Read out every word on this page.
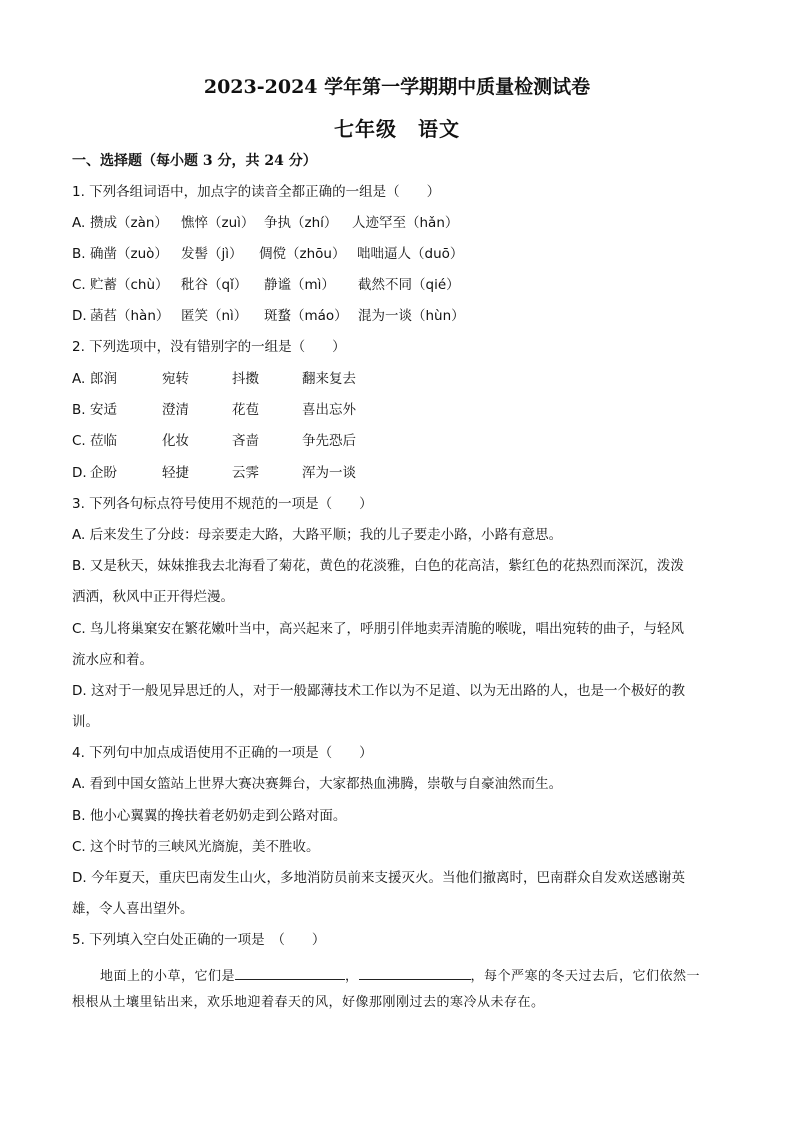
2023-2024 学年第一学期期中质量检测试卷
七年级　语文
一、选择题（每小题 3 分，共 24 分）
1. 下列各组词语中，加点字的读音全都正确的一组是（　　）
A. 攒成（zàn） 憔悴（zuì） 争执（zhí） 人迹罕至（hǎn）
B. 确凿（zuò） 发髻（jì） 倜傥（zhōu） 咄咄逼人（duō）
C. 贮蓄（chù） 秕谷（qǐ） 静谧（mì） 截然不同（qié）
D. 菡萏（hàn） 匿笑（nì） 斑蝥（máo） 混为一谈（hùn）
2. 下列选项中，没有错别字的一组是（　　）
A. 郎润	宛转	抖擞	翻来复去
B. 安适	澄清	花苞	喜出忘外
C. 莅临	化妆	吝啬	争先恐后
D. 企盼	轻捷	云霁	浑为一谈
3. 下列各句标点符号使用不规范的一项是（　　）
A. 后来发生了分歧：母亲要走大路，大路平顺；我的儿子要走小路，小路有意思。
B. 又是秋天，妹妹推我去北海看了菊花，黄色的花淡雅，白色的花高洁，紫红色的花热烈而深沉，泼泼
洒洒，秋风中正开得烂漫。
C. 鸟儿将巢窠安在繁花嫩叶当中，高兴起来了，呼朋引伴地卖弄清脆的喉咙，唱出宛转的曲子，与轻风
流水应和着。
D. 这对于一般见异思迁的人，对于一般鄙薄技术工作以为不足道、以为无出路的人，也是一个极好的教
训。
4. 下列句中加点成语使用不正确的一项是（　　）
A. 看到中国女篮站上世界大赛决赛舞台，大家都热血沸腾，崇敬与自豪油然而生。
B. 他小心翼翼的搀扶着老奶奶走到公路对面。
C. 这个时节的三峡风光旖旎，美不胜收。
D. 今年夏天，重庆巴南发生山火，多地消防员前来支援灭火。当他们撤离时，巴南群众自发欢送感谢英
雄，令人喜出望外。
5. 下列填入空白处正确的一项是　（　　）
地面上的小草，它们是	，	，每个严寒的冬天过去后，它们依然一
根根从土壤里钻出来，欢乐地迎着春天的风，好像那刚刚过去的寒冷从未存在。
